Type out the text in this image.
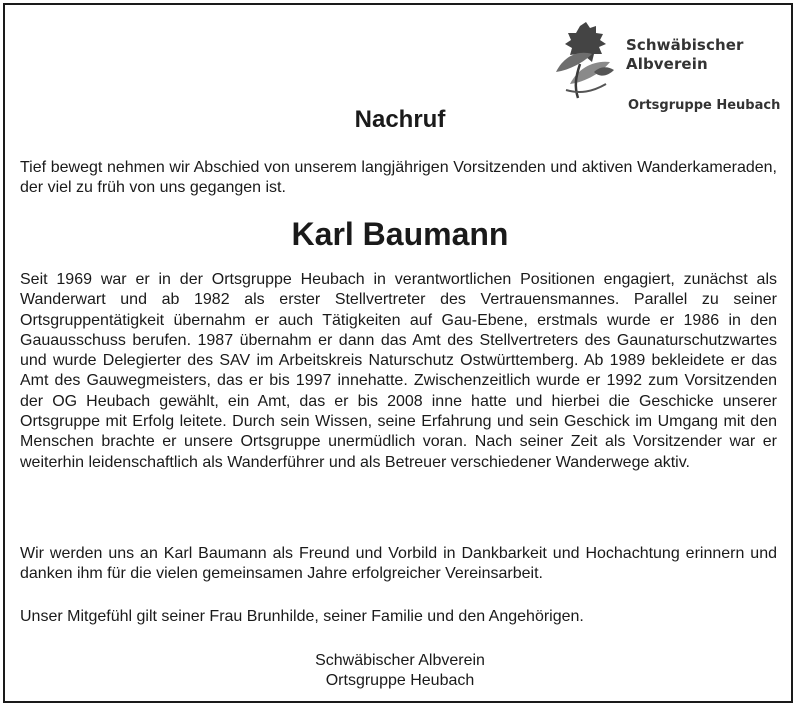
Schwäbischer
Albverein
Ortsgruppe Heubach
Nachruf
Tief bewegt nehmen wir Abschied von unserem langjährigen Vorsitzenden und aktiven Wanderkameraden, der viel zu früh von uns gegangen ist.
Karl Baumann
Seit 1969 war er in der Ortsgruppe Heubach in verantwortlichen Positionen engagiert, zunächst als Wanderwart und ab 1982 als erster Stellvertreter des Vertrauensmannes. Parallel zu seiner Ortsgruppentätigkeit übernahm er auch Tätigkeiten auf Gau-Ebene, erstmals wurde er 1986 in den Gauausschuss berufen. 1987 übernahm er dann das Amt des Stellvertreters des Gaunaturschutzwartes und wurde Delegierter des SAV im Arbeitskreis Naturschutz Ostwürttemberg. Ab 1989 bekleidete er das Amt des Gauwegmeisters, das er bis 1997 innehatte. Zwischenzeitlich wurde er 1992 zum Vorsitzenden der OG Heubach gewählt, ein Amt, das er bis 2008 inne hatte und hierbei die Geschicke unserer Ortsgruppe mit Erfolg leitete. Durch sein Wissen, seine Erfahrung und sein Geschick im Umgang mit den Menschen brachte er unsere Ortsgruppe unermüdlich voran. Nach seiner Zeit als Vorsitzender war er weiterhin leidenschaftlich als Wanderführer und als Betreuer verschiedener Wanderwege aktiv.
Wir werden uns an Karl Baumann als Freund und Vorbild in Dankbarkeit und Hochachtung erinnern und danken ihm für die vielen gemeinsamen Jahre erfolgreicher Vereinsarbeit.
Unser Mitgefühl gilt seiner Frau Brunhilde, seiner Familie und den Angehörigen.
Schwäbischer Albverein
Ortsgruppe Heubach
